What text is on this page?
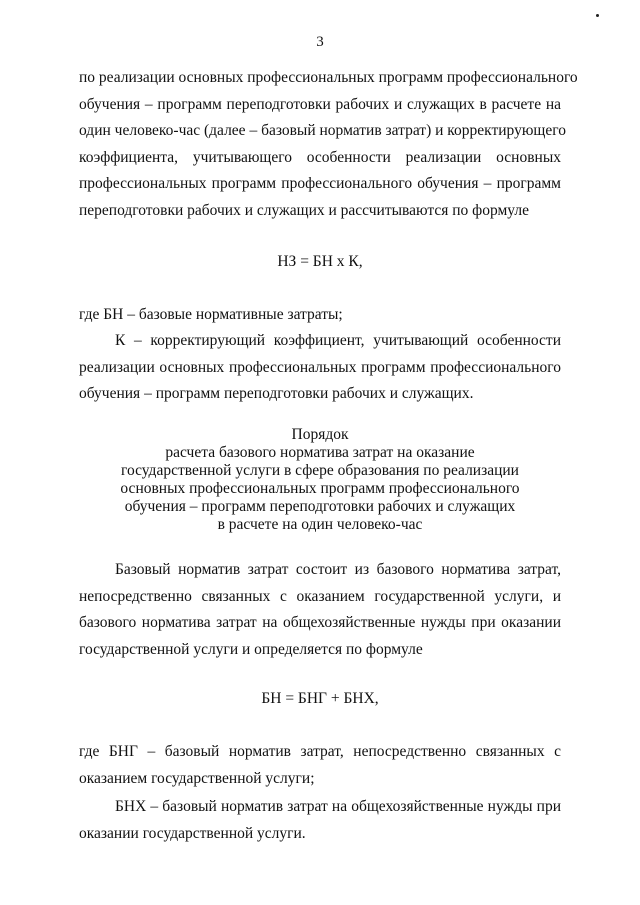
3
по реализации основных профессиональных программ профессионального
обучения – программ переподготовки рабочих и служащих в расчете на
один человеко-час (далее – базовый норматив затрат) и корректирующего
коэффициента, учитывающего особенности реализации основных
профессиональных программ профессионального обучения – программ
переподготовки рабочих и служащих и рассчитываются по формуле
НЗ = БН х К,
где БН – базовые нормативные затраты;
К – корректирующий коэффициент, учитывающий особенности
реализации основных профессиональных программ профессионального
обучения – программ переподготовки рабочих и служащих.
Порядок
расчета базового норматива затрат на оказание
государственной услуги в сфере образования по реализации
основных профессиональных программ профессионального
обучения – программ переподготовки рабочих и служащих
в расчете на один человеко-час
Базовый норматив затрат состоит из базового норматива затрат,
непосредственно связанных с оказанием государственной услуги, и
базового норматива затрат на общехозяйственные нужды при оказании
государственной услуги и определяется по формуле
БН = БНГ + БНХ,
где БНГ – базовый норматив затрат, непосредственно связанных с
оказанием государственной услуги;
БНХ – базовый норматив затрат на общехозяйственные нужды при
оказании государственной услуги.
